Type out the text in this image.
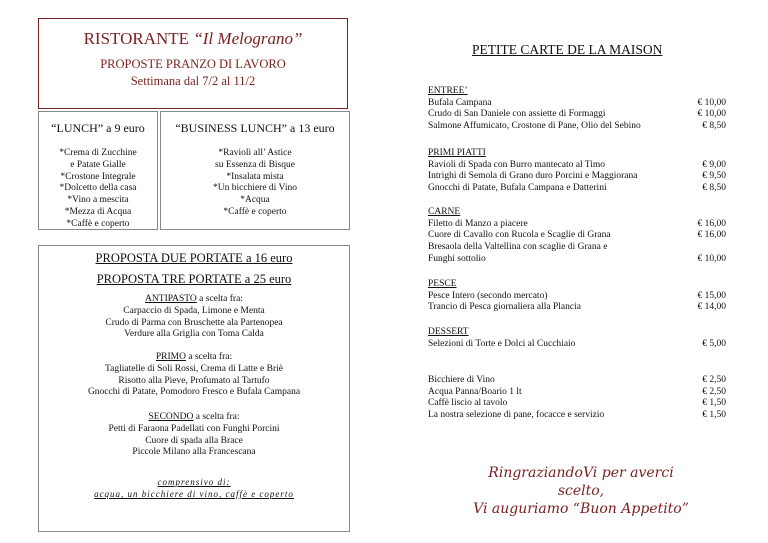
RISTORANTE “Il Melograno”
PROPOSTE PRANZO DI LAVORO
Settimana dal 7/2 al 11/2
“LUNCH” a 9 euro
*Crema di Zucchine
e Patate Gialle
*Crostone Integrale
*Dolcetto della casa
*Vino a mescita
*Mezza di Acqua
*Caffè e coperto
“BUSINESS LUNCH” a 13 euro
*Ravioli all’ Astice
su Essenza di Bisque
*Insalata mista
*Un bicchiere di Vino
*Acqua
*Caffè e coperto
PROPOSTA DUE PORTATE a 16 euro
PROPOSTA TRE PORTATE a 25 euro
ANTIPASTO a scelta fra:
Carpaccio di Spada, Limone e Menta
Crudo di Parma con Bruschette ala Partenopea
Verdure alla Griglia con Toma Calda
PRIMO a scelta fra:
Tagliatelle di Soli Rossi, Crema di Latte e Briè
Risotto alla Pieve, Profumato al Tartufo
Gnocchi di Patate, Pomodoro Fresco e Bufala Campana
SECONDO a scelta fra:
Petti di Faraona Padellati con Funghi Porcini
Cuore di spada alla Brace
Piccole Milano alla Francescana
comprensivo di:
acqua, un bicchiere di vino, caffè e coperto
PETITE CARTE DE LA MAISON
ENTREE’
Bufala Campana	€ 10,00
Crudo di San Daniele con assiette di Formaggi	€ 10,00
Salmone Affumicato, Crostone di Pane, Olio del Sebino	€ 8,50
PRIMI PIATTI
Ravioli di Spada con Burro mantecato al Timo	€ 9,00
Intrighi di Semola di Grano duro Porcini e Maggiorana	€ 9,50
Gnocchi di Patate, Bufala Campana e Datterini	€ 8,50
CARNE
Filetto di Manzo a piacere	€ 16,00
Cuore di Cavallo con Rucola e Scaglie di Grana	€ 16,00
Bresaola della Valtellina con scaglie di Grana e
Funghi sottolio	€ 10,00
PESCE
Pesce Intero (secondo mercato)	€ 15,00
Trancio di Pesca giornaliera alla Plancia	€ 14,00
DESSERT
Selezioni di Torte e Dolci al Cucchiaio	€ 5,00
Bicchiere di Vino	€ 2,50
Acqua Panna/Boario 1 lt	€ 2,50
Caffè liscio al tavolo	€ 1,50
La nostra selezione di pane, focacce e servizio	€ 1,50
RingraziandoVi per averci scelto,
Vi auguriamo “Buon Appetito”
